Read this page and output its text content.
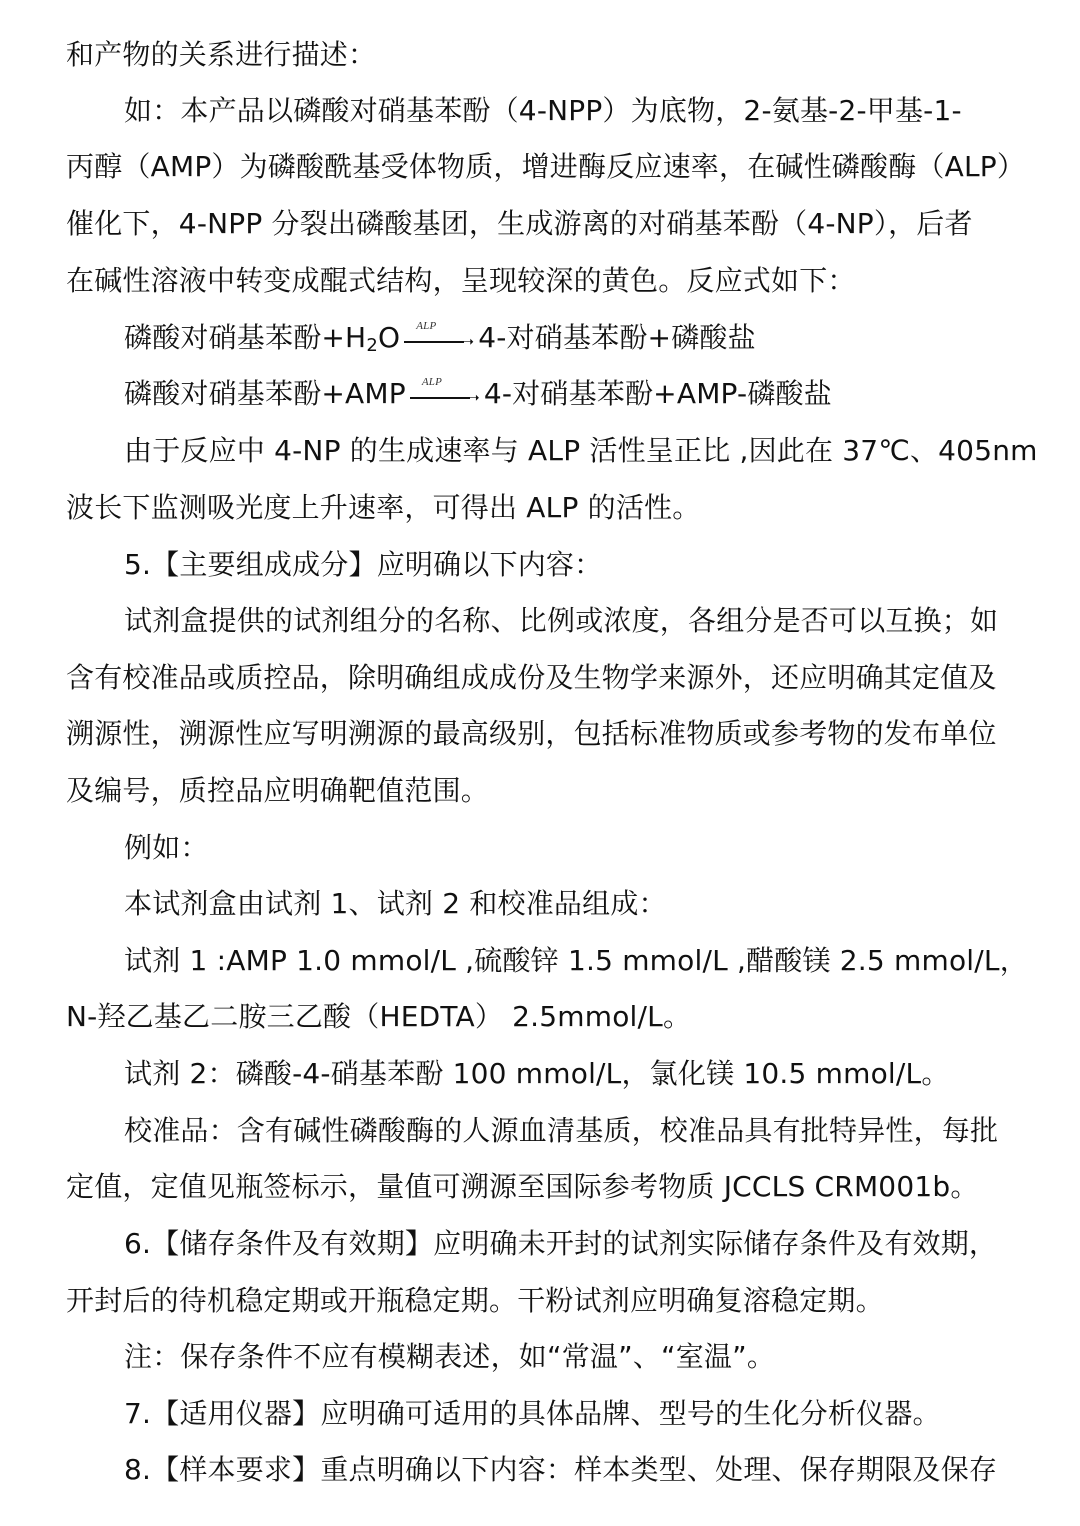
和产物的关系进行描述：
如：本产品以磷酸对硝基苯酚（4-NPP）为底物，2-氨基-2-甲基-1-
丙醇（AMP）为磷酸酰基受体物质，增进酶反应速率，在碱性磷酸酶（ALP）
催化下，4-NPP 分裂出磷酸基团，生成游离的对硝基苯酚（4-NP），后者
在碱性溶液中转变成醌式结构，呈现较深的黄色。反应式如下：
磷酸对硝基苯酚$+H_2O$ ALP
➝ 4-对硝基苯酚+磷酸盐
磷酸对硝基苯酚+AMP ALP
➝ 4-对硝基苯酚+AMP-磷酸盐
由于反应中 4-NP 的生成速率与 ALP 活性呈正比 ,因此在 37℃、405nm
波长下监测吸光度上升速率，可得出 ALP 的活性。
5.【主要组成成分】应明确以下内容：
试剂盒提供的试剂组分的名称、比例或浓度，各组分是否可以互换；如
含有校准品或质控品，除明确组成成份及生物学来源外，还应明确其定值及
溯源性，溯源性应写明溯源的最高级别，包括标准物质或参考物的发布单位
及编号，质控品应明确靶值范围。
例如：
本试剂盒由试剂 1、试剂 2 和校准品组成：
试剂 1 :AMP 1.0 mmol/L ,硫酸锌 1.5 mmol/L ,醋酸镁 2.5 mmol/L，
N-羟乙基乙二胺三乙酸（HEDTA） 2.5mmol/L。
试剂 2：磷酸-4-硝基苯酚 100 mmol/L，氯化镁 10.5 mmol/L。
校准品：含有碱性磷酸酶的人源血清基质，校准品具有批特异性，每批
定值，定值见瓶签标示，量值可溯源至国际参考物质 JCCLS CRM001b。
6.【储存条件及有效期】应明确未开封的试剂实际储存条件及有效期，
开封后的待机稳定期或开瓶稳定期。干粉试剂应明确复溶稳定期。
注：保存条件不应有模糊表述，如“常温”、“室温”。
7.【适用仪器】应明确可适用的具体品牌、型号的生化分析仪器。
8.【样本要求】重点明确以下内容：样本类型、处理、保存期限及保存
